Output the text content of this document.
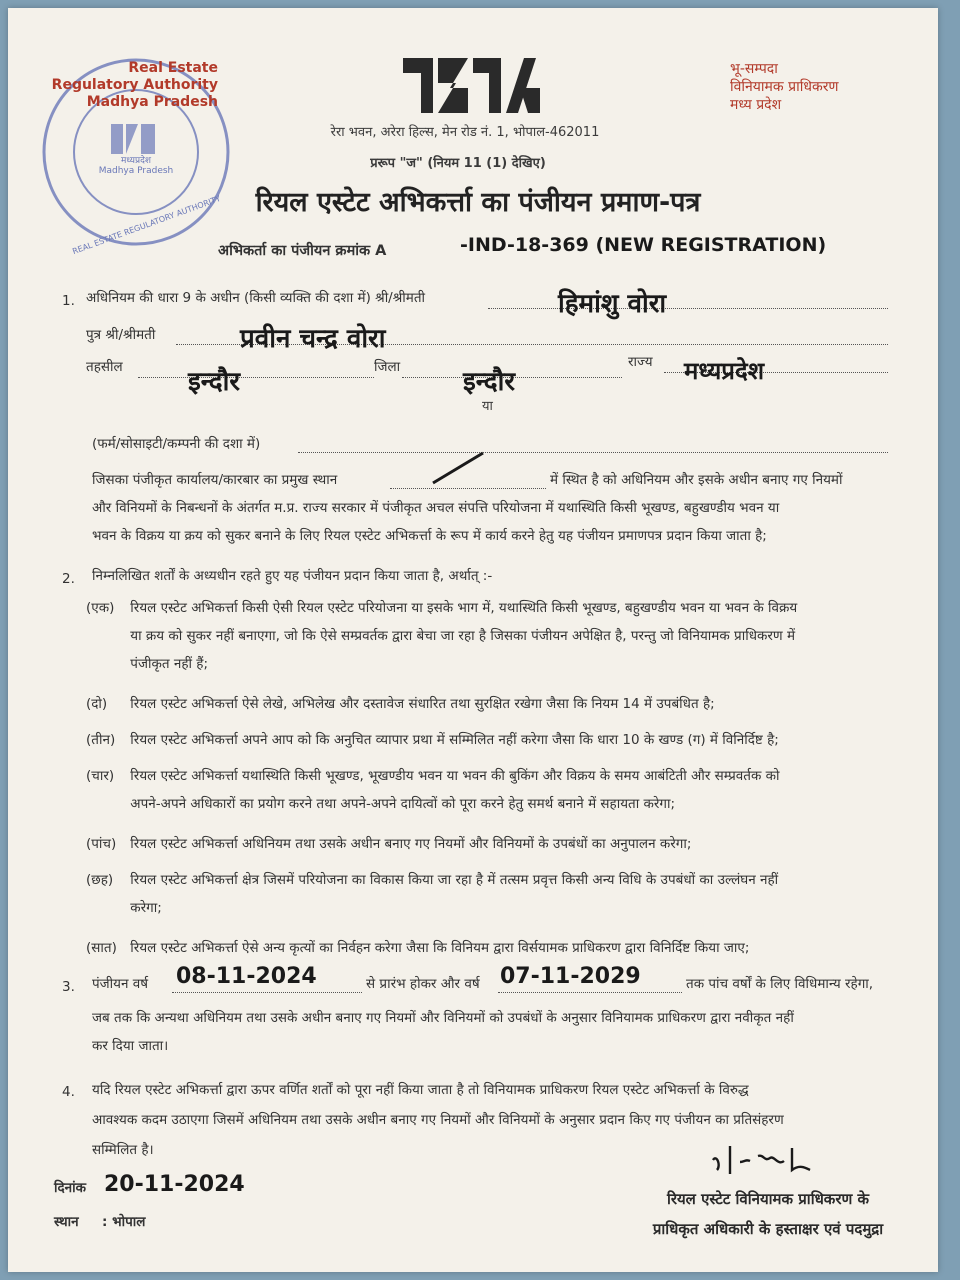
Real Estate
Regulatory Authority
Madhya Pradesh
मध्यप्रदेश
Madhya Pradesh
REAL ESTATE REGULATORY AUTHORITY
भू-सम्पदा
विनियामक प्राधिकरण
मध्य प्रदेश
रेरा भवन, अरेरा हिल्स, मेन रोड नं. 1, भोपाल-462011
प्ररूप "ज" (नियम 11 (1) देखिए)
रियल एस्टेट अभिकर्त्ता का पंजीयन प्रमाण-पत्र
अभिकर्ता का पंजीयन क्रमांक A	-IND-18-369 (NEW REGISTRATION)
1. अधिनियम की धारा 9 के अधीन (किसी व्यक्ति की दशा में) श्री/श्रीमती	हिमांशु वोरा
पुत्र श्री/श्रीमती	प्रवीन चन्द्र वोरा
तहसील	इन्दौर	जिला इन्दौर
राज्य मध्यप्रदेश
या
(फर्म/सोसाइटी/कम्पनी की दशा में)
जिसका पंजीकृत कार्यालय/कारबार का प्रमुख स्थान	में स्थित है को अधिनियम और इसके अधीन बनाए गए नियमों
और विनियमों के निबन्धनों के अंतर्गत म.प्र. राज्य सरकार में पंजीकृत अचल संपत्ति परियोजना में यथास्थिति किसी भूखण्ड, बहुखण्डीय भवन या
भवन के विक्रय या क्रय को सुकर बनाने के लिए रियल एस्टेट अभिकर्त्ता के रूप में कार्य करने हेतु यह पंजीयन प्रमाणपत्र प्रदान किया जाता है;
2. निम्नलिखित शर्तों के अध्यधीन रहते हुए यह पंजीयन प्रदान किया जाता है, अर्थात् :-
(एक) रियल एस्टेट अभिकर्त्ता किसी ऐसी रियल एस्टेट परियोजना या इसके भाग में, यथास्थिति किसी भूखण्ड, बहुखण्डीय भवन या भवन के विक्रय
या क्रय को सुकर नहीं बनाएगा, जो कि ऐसे सम्प्रवर्तक द्वारा बेचा जा रहा है जिसका पंजीयन अपेक्षित है, परन्तु जो विनियामक प्राधिकरण में
पंजीकृत नहीं हैं;
(दो) रियल एस्टेट अभिकर्त्ता ऐसे लेखे, अभिलेख और दस्तावेज संधारित तथा सुरक्षित रखेगा जैसा कि नियम 14 में उपबंधित है;
(तीन) रियल एस्टेट अभिकर्त्ता अपने आप को कि अनुचित व्यापार प्रथा में सम्मिलित नहीं करेगा जैसा कि धारा 10 के खण्ड (ग) में विनिर्दिष्ट है;
(चार) रियल एस्टेट अभिकर्त्ता यथास्थिति किसी भूखण्ड, भूखण्डीय भवन या भवन की बुकिंग और विक्रय के समय आबंटिती और सम्प्रवर्तक को
अपने-अपने अधिकारों का प्रयोग करने तथा अपने-अपने दायित्वों को पूरा करने हेतु समर्थ बनाने में सहायता करेगा;
(पांच) रियल एस्टेट अभिकर्त्ता अधिनियम तथा उसके अधीन बनाए गए नियमों और विनियमों के उपबंधों का अनुपालन करेगा;
(छह) रियल एस्टेट अभिकर्त्ता क्षेत्र जिसमें परियोजना का विकास किया जा रहा है में तत्सम प्रवृत्त किसी अन्य विधि के उपबंधों का उल्लंघन नहीं
करेगा;
(सात) रियल एस्टेट अभिकर्त्ता ऐसे अन्य कृत्यों का निर्वहन करेगा जैसा कि विनियम द्वारा विर्सयामक प्राधिकरण द्वारा विनिर्दिष्ट किया जाए;
3. पंजीयन वर्ष 08-11-2024	से प्रारंभ होकर और वर्ष 07-11-2029	तक पांच वर्षों के लिए विधिमान्य रहेगा,
जब तक कि अन्यथा अधिनियम तथा उसके अधीन बनाए गए नियमों और विनियमों को उपबंधों के अनुसार विनियामक प्राधिकरण द्वारा नवीकृत नहीं
कर दिया जाता।
4. यदि रियल एस्टेट अभिकर्त्ता द्वारा ऊपर वर्णित शर्तों को पूरा नहीं किया जाता है तो विनियामक प्राधिकरण रियल एस्टेट अभिकर्त्ता के विरुद्ध
आवश्यक कदम उठाएगा जिसमें अधिनियम तथा उसके अधीन बनाए गए नियमों और विनियमों के अनुसार प्रदान किए गए पंजीयन का प्रतिसंहरण
सम्मिलित है।
दिनांक 20-11-2024
स्थान : भोपाल
रियल एस्टेट विनियामक प्राधिकरण के
प्राधिकृत अधिकारी के हस्ताक्षर एवं पदमुद्रा
